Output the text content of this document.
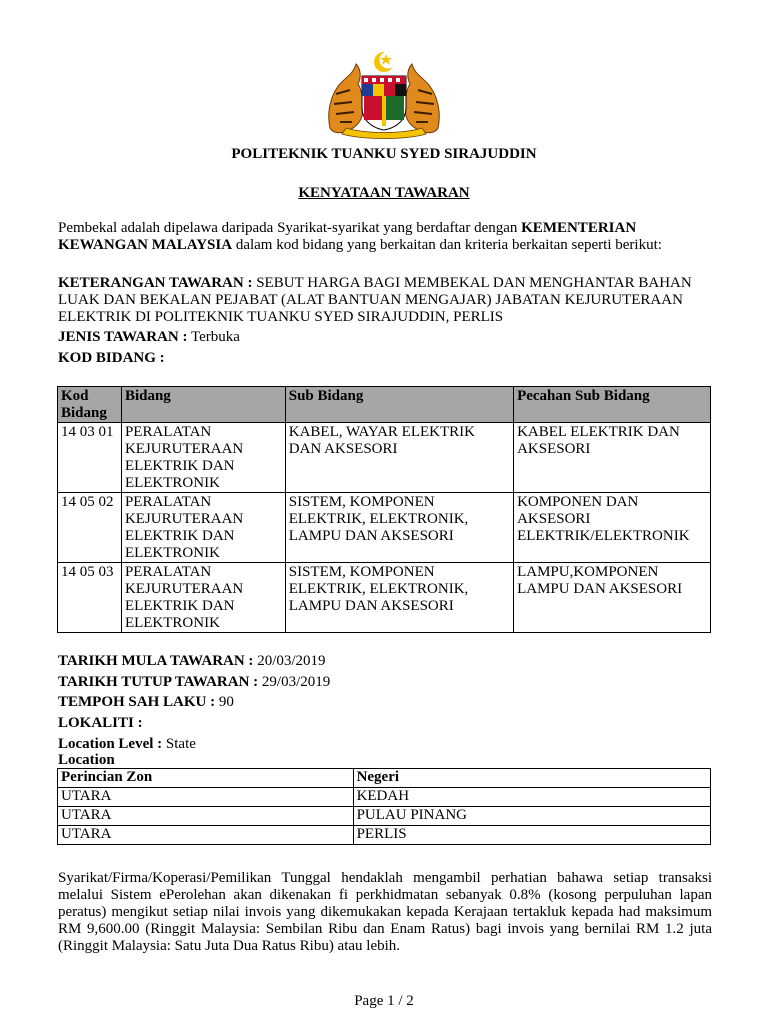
POLITEKNIK TUANKU SYED SIRAJUDDIN
KENYATAAN TAWARAN
Pembekal adalah dipelawa daripada Syarikat-syarikat yang berdaftar dengan KEMENTERIAN KEWANGAN MALAYSIA dalam kod bidang yang berkaitan dan kriteria berkaitan seperti berikut:
KETERANGAN TAWARAN : SEBUT HARGA BAGI MEMBEKAL DAN MENGHANTAR BAHAN LUAK DAN BEKALAN PEJABAT (ALAT BANTUAN MENGAJAR) JABATAN KEJURUTERAAN ELEKTRIK DI POLITEKNIK TUANKU SYED SIRAJUDDIN, PERLIS
JENIS TAWARAN : Terbuka
KOD BIDANG :
Kod Bidang	Bidang	Sub Bidang	Pecahan Sub Bidang
14 03 01	PERALATAN KEJURUTERAAN ELEKTRIK DAN ELEKTRONIK	KABEL, WAYAR ELEKTRIK DAN AKSESORI	KABEL ELEKTRIK DAN AKSESORI
14 05 02	PERALATAN KEJURUTERAAN ELEKTRIK DAN ELEKTRONIK	SISTEM, KOMPONEN ELEKTRIK, ELEKTRONIK, LAMPU DAN AKSESORI	KOMPONEN DAN AKSESORI ELEKTRIK/ELEKTRONIK
14 05 03	PERALATAN KEJURUTERAAN ELEKTRIK DAN ELEKTRONIK	SISTEM, KOMPONEN ELEKTRIK, ELEKTRONIK, LAMPU DAN AKSESORI	LAMPU,KOMPONEN LAMPU DAN AKSESORI
TARIKH MULA TAWARAN : 20/03/2019
TARIKH TUTUP TAWARAN : 29/03/2019
TEMPOH SAH LAKU : 90
LOKALITI :
Location Level : State
Location
Perincian Zon	Negeri
UTARA	KEDAH
UTARA	PULAU PINANG
UTARA	PERLIS
Syarikat/Firma/Koperasi/Pemilikan Tunggal hendaklah mengambil perhatian bahawa setiap transaksi melalui Sistem ePerolehan akan dikenakan fi perkhidmatan sebanyak 0.8% (kosong perpuluhan lapan peratus) mengikut setiap nilai invois yang dikemukakan kepada Kerajaan tertakluk kepada had maksimum RM 9,600.00 (Ringgit Malaysia: Sembilan Ribu dan Enam Ratus) bagi invois yang bernilai RM 1.2 juta (Ringgit Malaysia: Satu Juta Dua Ratus Ribu) atau lebih.
Page 1 / 2
